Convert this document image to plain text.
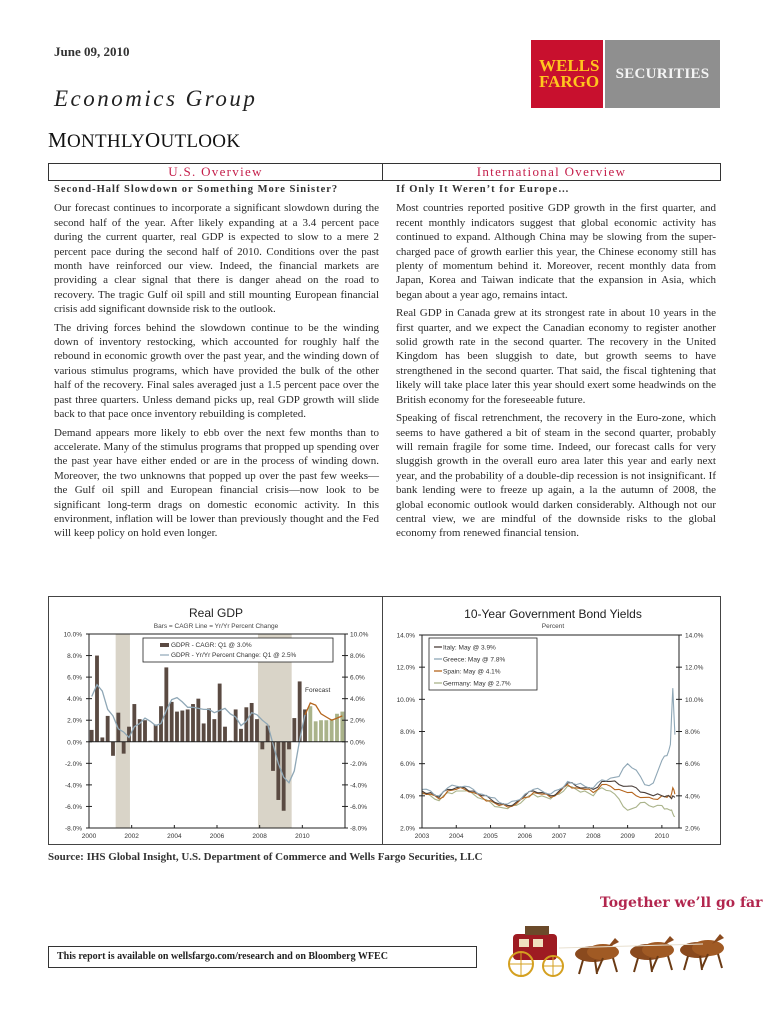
June 09, 2010
Economics Group
MONTHLYOUTLOOK
WELLS
FARGO	SECURITIES
U.S. Overview	International Overview
Second-Half Slowdown or Something More Sinister?

Our forecast continues to incorporate a significant slowdown during the second half of the year. After likely expanding at a 3.4 percent pace during the current quarter, real GDP is expected to slow to a mere 2 percent pace during the second half of 2010. Conditions over the past month have reinforced our view. Indeed, the financial markets are providing a clear signal that there is danger ahead on the road to recovery. The tragic Gulf oil spill and still mounting European financial crisis add significant downside risk to the outlook.

The driving forces behind the slowdown continue to be the winding down of inventory restocking, which accounted for roughly half the rebound in economic growth over the past year, and the winding down of various stimulus programs, which have provided the bulk of the other half of the recovery. Final sales averaged just a 1.5 percent pace over the past three quarters. Unless demand picks up, real GDP growth will slide back to that pace once inventory rebuilding is completed.

Demand appears more likely to ebb over the next few months than to accelerate. Many of the stimulus programs that propped up spending over the past year have either ended or are in the process of winding down. Moreover, the two unknowns that popped up over the past few weeks—the Gulf oil spill and European financial crisis—now look to be significant long-term drags on domestic economic activity. In this environment, inflation will be lower than previously thought and the Fed will keep policy on hold even longer.

If Only It Weren’t for Europe…

Most countries reported positive GDP growth in the first quarter, and recent monthly indicators suggest that global economic activity has continued to expand. Although China may be slowing from the super-charged pace of growth earlier this year, the Chinese economy still has plenty of momentum behind it. Moreover, recent monthly data from Japan, Korea and Taiwan indicate that the expansion in Asia, which began about a year ago, remains intact.

Real GDP in Canada grew at its strongest rate in about 10 years in the first quarter, and we expect the Canadian economy to register another solid growth rate in the second quarter. The recovery in the United Kingdom has been sluggish to date, but growth seems to have strengthened in the second quarter. That said, the fiscal tightening that likely will take place later this year should exert some headwinds on the British economy for the foreseeable future.

Speaking of fiscal retrenchment, the recovery in the Euro-zone, which seems to have gathered a bit of steam in the second quarter, probably will remain fragile for some time. Indeed, our forecast calls for very sluggish growth in the overall euro area later this year and early next year, and the probability of a double-dip recession is not insignificant. If bank lending were to freeze up again, a la the autumn of 2008, the global economic outlook would darken considerably. Although not our central view, we are mindful of the downside risks to the global economy from renewed financial tension.

Real GDP
Bars = CAGR Line = Yr/Yr Percent Change
10.0%	10.0%
8.0%	8.0%
6.0%	6.0%
4.0%	4.0%
2.0%	2.0%
0.0%	0.0%
-2.0%	-2.0%
-4.0%	-4.0%
-6.0%	-6.0%
-8.0%	-8.0%
2000	2002	2004	2006	2008	2010
GDPR - CAGR: Q1 @ 3.0%
GDPR - Yr/Yr Percent Change: Q1 @ 2.5%
Forecast
10-Year Government Bond Yields
Percent
14.0%	14.0%
12.0%	12.0%
10.0%	10.0%
8.0%	8.0%
6.0%	6.0%
4.0%	4.0%
2.0%	2.0%
2003	2004	2005	2006	2007	2008	2009	2010
Italy: May @ 3.9%
Greece: May @ 7.8%
Spain: May @ 4.1%
Germany: May @ 2.7%
Source: IHS Global Insight, U.S. Department of Commerce and Wells Fargo Securities, LLC
Together we’ll go far
This report is available on wellsfargo.com/research and on Bloomberg WFEC
